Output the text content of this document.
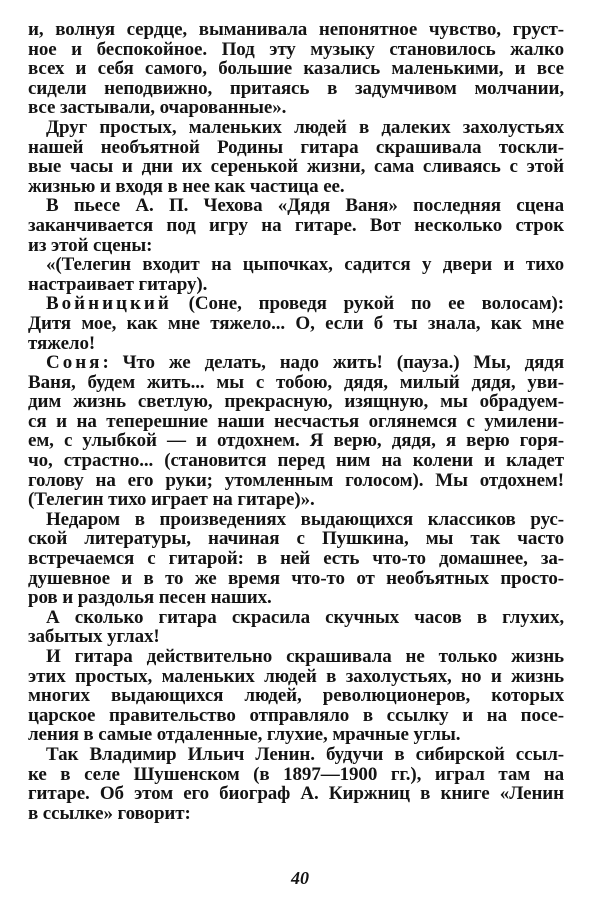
и, волнуя сердце, выманивала непонятное чувство, груст-
ное и беспокойное. Под эту музыку становилось жалко
всех и себя самого, большие казались маленькими, и все
сидели неподвижно, притаясь в задумчивом молчании,
все застывали, очарованные».
Друг простых, маленьких людей в далеких захолустьях
нашей необъятной Родины гитара скрашивала тоскли-
вые часы и дни их серенькой жизни, сама сливаясь с этой
жизнью и входя в нее как частица ее.
В пьесе А. П. Чехова «Дядя Ваня» последняя сцена
заканчивается под игру на гитаре. Вот несколько строк
из этой сцены:
«(Телегин входит на цыпочках, садится у двери и тихо
настраивает гитару).
Войницкий (Соне, проведя рукой по ее волосам):
Дитя мое, как мне тяжело... О, если б ты знала, как мне
тяжело!
Соня: Что же делать, надо жить! (пауза.) Мы, дядя
Ваня, будем жить... мы с тобою, дядя, милый дядя, уви-
дим жизнь светлую, прекрасную, изящную, мы обрадуем-
ся и на теперешние наши несчастья оглянемся с умилени-
ем, с улыбкой — и отдохнем. Я верю, дядя, я верю горя-
чо, страстно... (становится перед ним на колени и кладет
голову на его руки; утомленным голосом). Мы отдохнем!
(Телегин тихо играет на гитаре)».
Недаром в произведениях выдающихся классиков рус-
ской литературы, начиная с Пушкина, мы так часто
встречаемся с гитарой: в ней есть что-то домашнее, за-
душевное и в то же время что-то от необъятных просто-
ров и раздолья песен наших.
А сколько гитара скрасила скучных часов в глухих,
забытых углах!
И гитара действительно скрашивала не только жизнь
этих простых, маленьких людей в захолустьях, но и жизнь
многих выдающихся людей, революционеров, которых
царское правительство отправляло в ссылку и на посе-
ления в самые отдаленные, глухие, мрачные углы.
Так Владимир Ильич Ленин. будучи в сибирской ссыл-
ке в селе Шушенском (в 1897—1900 гг.), играл там на
гитаре. Об этом его биограф А. Киржниц в книге «Ленин
в ссылке» говорит:
40
